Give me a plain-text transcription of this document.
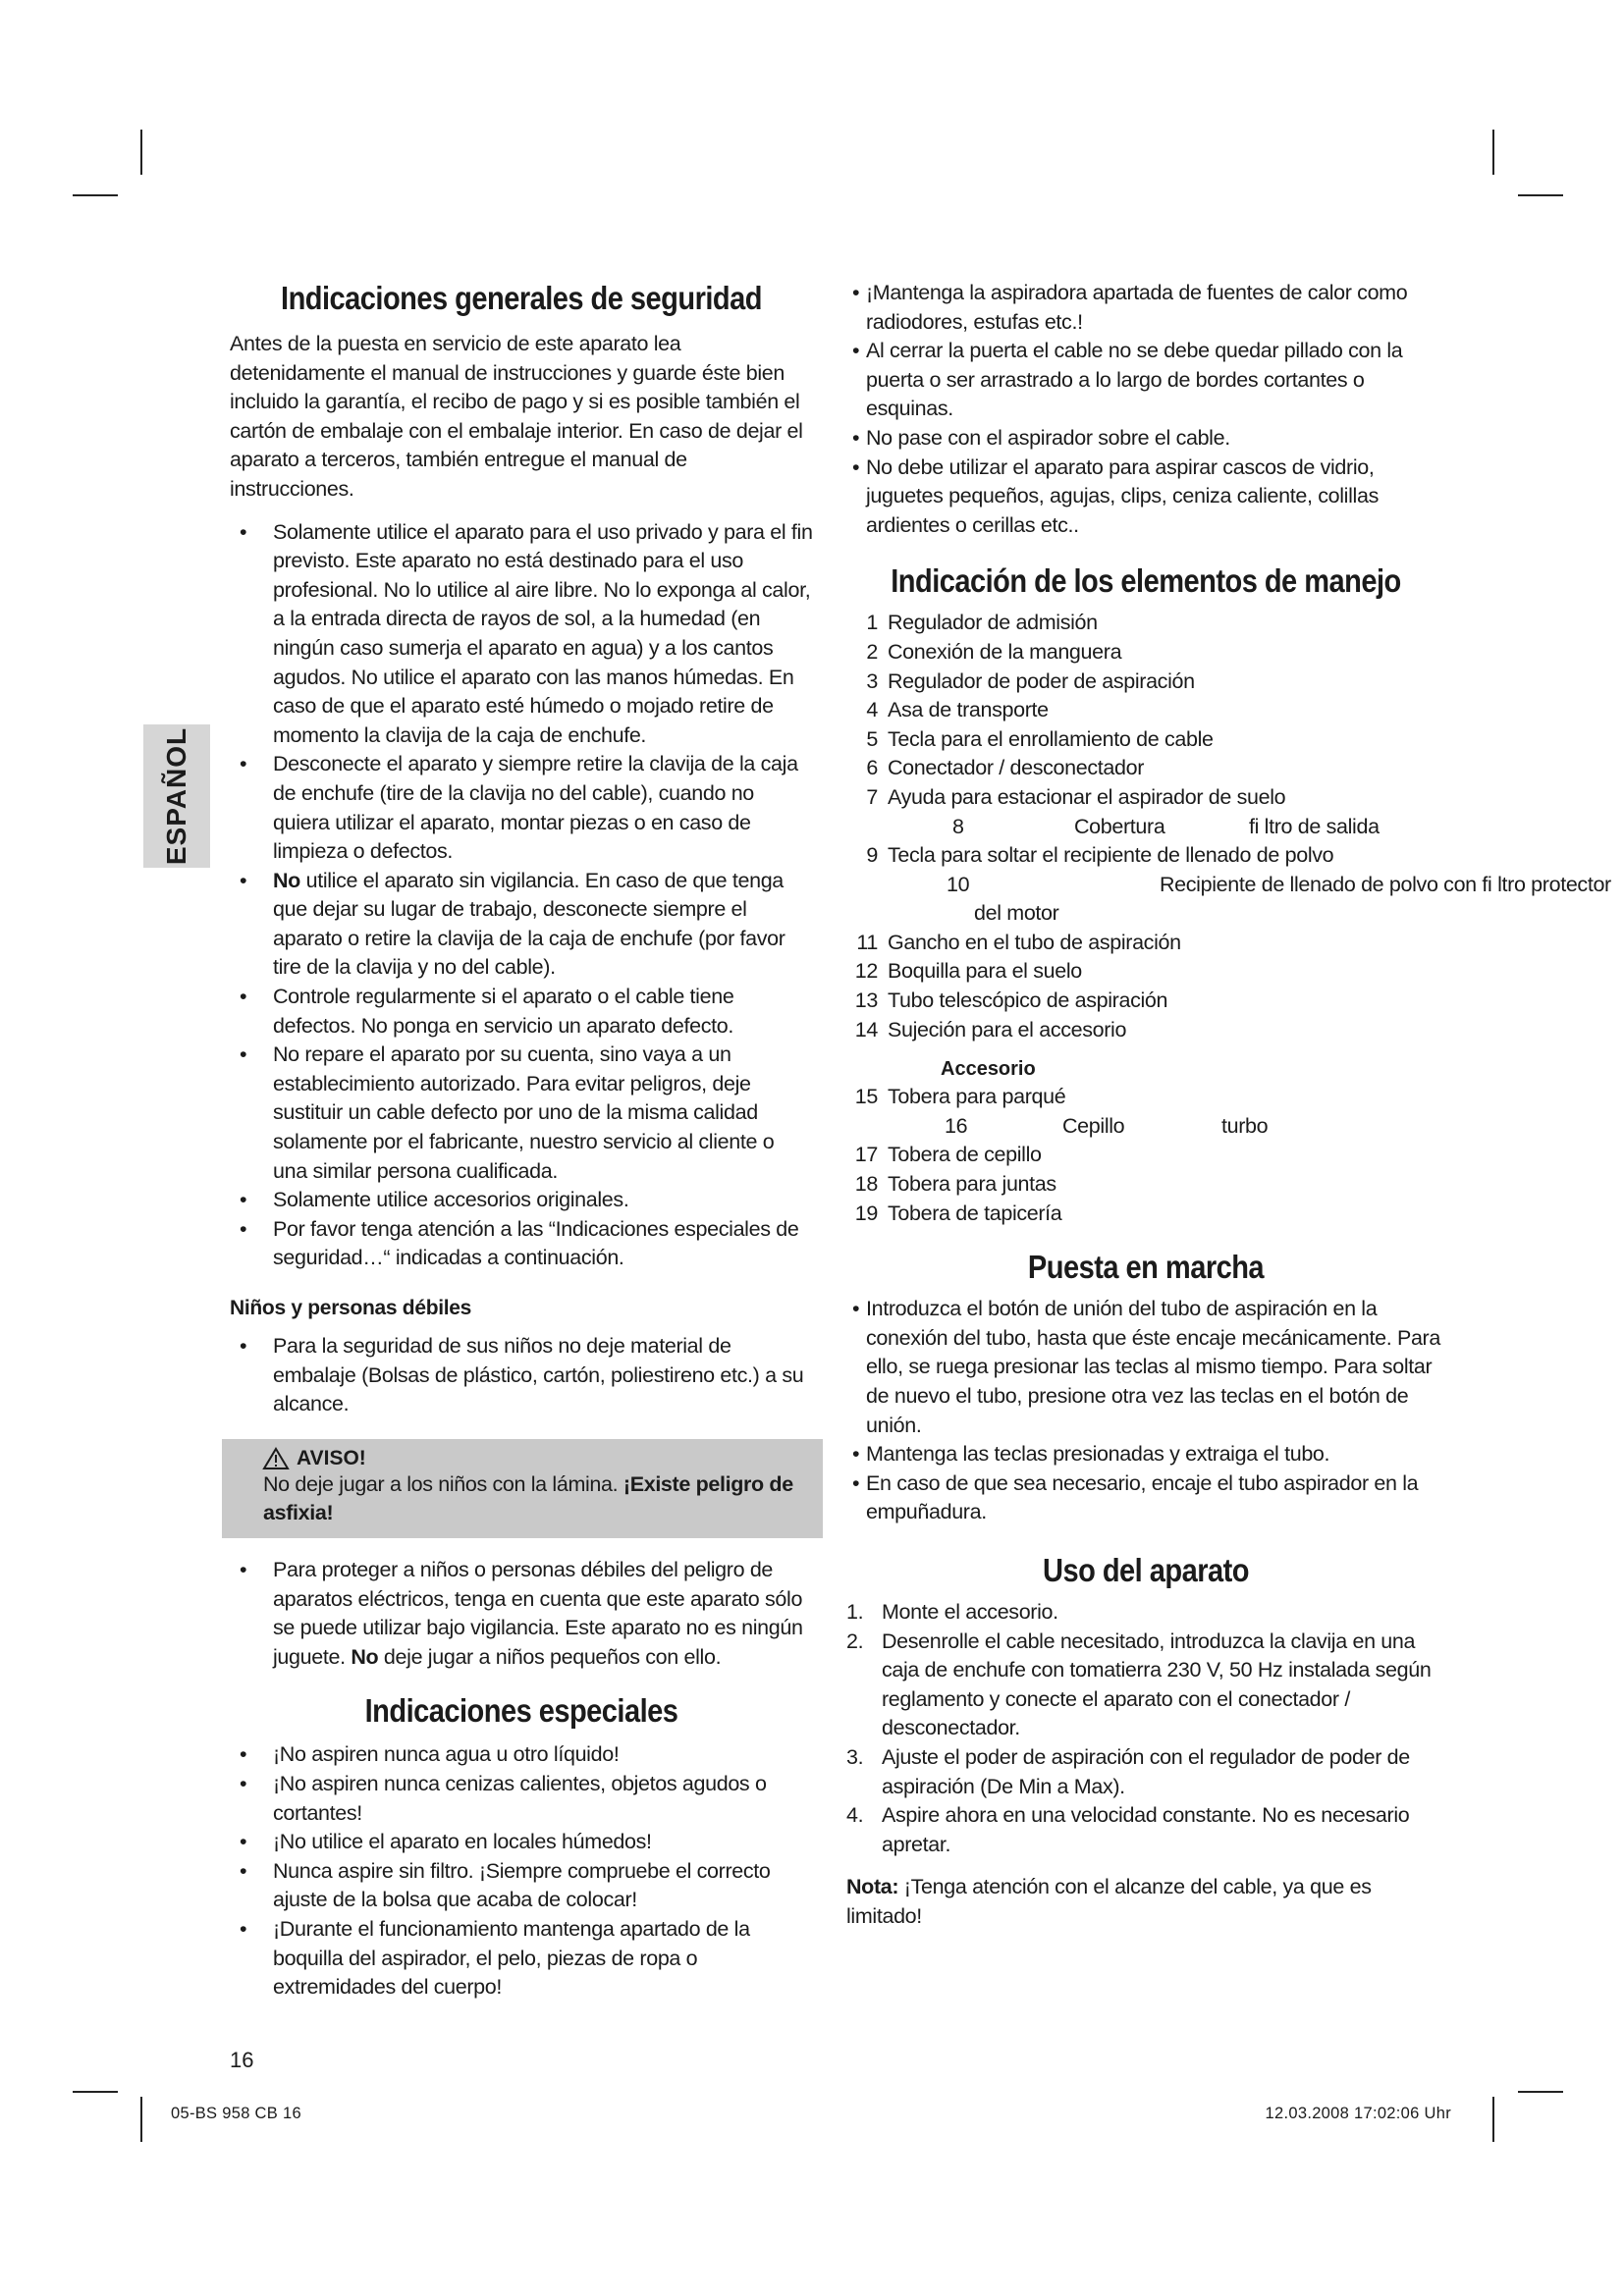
ESPAÑOL
Indicaciones generales de seguridad

Antes de la puesta en servicio de este aparato lea detenidamente el manual de instrucciones y guarde éste bien incluido la garantía, el recibo de pago y si es posible también el cartón de embalaje con el embalaje interior. En caso de dejar el aparato a terceros, también entregue el manual de instrucciones.

• Solamente utilice el aparato para el uso privado y para el fin previsto. Este aparato no está destinado para el uso profesional. No lo utilice al aire libre. No lo exponga al calor, a la entrada directa de rayos de sol, a la humedad (en ningún caso sumerja el aparato en agua) y a los cantos agudos. No utilice el aparato con las manos húmedas. En caso de que el aparato esté húmedo o mojado retire de momento la clavija de la caja de enchufe.
• Desconecte el aparato y siempre retire la clavija de la caja de enchufe (tire de la clavija no del cable), cuando no quiera utilizar el aparato, montar piezas o en caso de limpieza o defectos.
• No utilice el aparato sin vigilancia. En caso de que tenga que dejar su lugar de trabajo, desconecte siempre el aparato o retire la clavija de la caja de enchufe (por favor tire de la clavija y no del cable).
• Controle regularmente si el aparato o el cable tiene defectos. No ponga en servicio un aparato defecto.
• No repare el aparato por su cuenta, sino vaya a un establecimiento autorizado. Para evitar peligros, deje sustituir un cable defecto por uno de la misma calidad solamente por el fabricante, nuestro servicio al cliente o una similar persona cualificada.
• Solamente utilice accesorios originales.
• Por favor tenga atención a las “Indicaciones especiales de seguridad…“ indicadas a continuación.

Niños y personas débiles

• Para la seguridad de sus niños no deje material de embalaje (Bolsas de plástico, cartón, poliestireno etc.) a su alcance.
AVISO!
No deje jugar a los niños con la lámina. ¡Existe peligro de asfixia!
• Para proteger a niños o personas débiles del peligro de aparatos eléctricos, tenga en cuenta que este aparato sólo se puede utilizar bajo vigilancia. Este aparato no es ningún juguete. No deje jugar a niños pequeños con ello.
Indicaciones especiales
• ¡No aspiren nunca agua u otro líquido!
• ¡No aspiren nunca cenizas calientes, objetos agudos o cortantes!
• ¡No utilice el aparato en locales húmedos!
• Nunca aspire sin filtro. ¡Siempre compruebe el correcto ajuste de la bolsa que acaba de colocar!
• ¡Durante el funcionamiento mantenga apartado de la boquilla del aspirador, el pelo, piezas de ropa o extremidades del cuerpo!
• ¡Mantenga la aspiradora apartada de fuentes de calor como radiodores, estufas etc.!
• Al cerrar la puerta el cable no se debe quedar pillado con la puerta o ser arrastrado a lo largo de bordes cortantes o esquinas.
• No pase con el aspirador sobre el cable.
• No debe utilizar el aparato para aspirar cascos de vidrio, juguetes pequeños, agujas, clips, ceniza caliente, colillas ardientes o cerillas etc..
Indicación de los elementos de manejo
1 Regulador de admisión
2 Conexión de la manguera
3 Regulador de poder de aspiración
4 Asa de transporte
5 Tecla para el enrollamiento de cable
6 Conectador / desconectador
7 Ayuda para estacionar el aspirador de suelo
8	Cobertura	fi ltro de salida
9 Tecla para soltar el recipiente de llenado de polvo
10	Recipiente de llenado de polvo con fi ltro protector
del motor
11 Gancho en el tubo de aspiración
12 Boquilla para el suelo
13 Tubo telescópico de aspiración
14 Sujeción para el accesorio
Accesorio
15 Tobera para parqué
16	Cepillo	turbo
17 Tobera de cepillo
18 Tobera para juntas
19 Tobera de tapicería
Puesta en marcha
• Introduzca el botón de unión del tubo de aspiración en la conexión del tubo, hasta que éste encaje mecánicamente. Para ello, se ruega presionar las teclas al mismo tiempo. Para soltar de nuevo el tubo, presione otra vez las teclas en el botón de unión.
• Mantenga las teclas presionadas y extraiga el tubo.
• En caso de que sea necesario, encaje el tubo aspirador en la empuñadura.
Uso del aparato
1. Monte el accesorio.
2. Desenrolle el cable necesitado, introduzca la clavija en una caja de enchufe con tomatierra 230 V, 50 Hz instalada según reglamento y conecte el aparato con el conectador / desconectador.
3. Ajuste el poder de aspiración con el regulador de poder de aspiración (De Min a Max).
4. Aspire ahora en una velocidad constante. No es necesario apretar.

Nota: ¡Tenga atención con el alcanze del cable, ya que es limitado!

16
05-BS 958 CB 16	12.03.2008 17:02:06 Uhr
